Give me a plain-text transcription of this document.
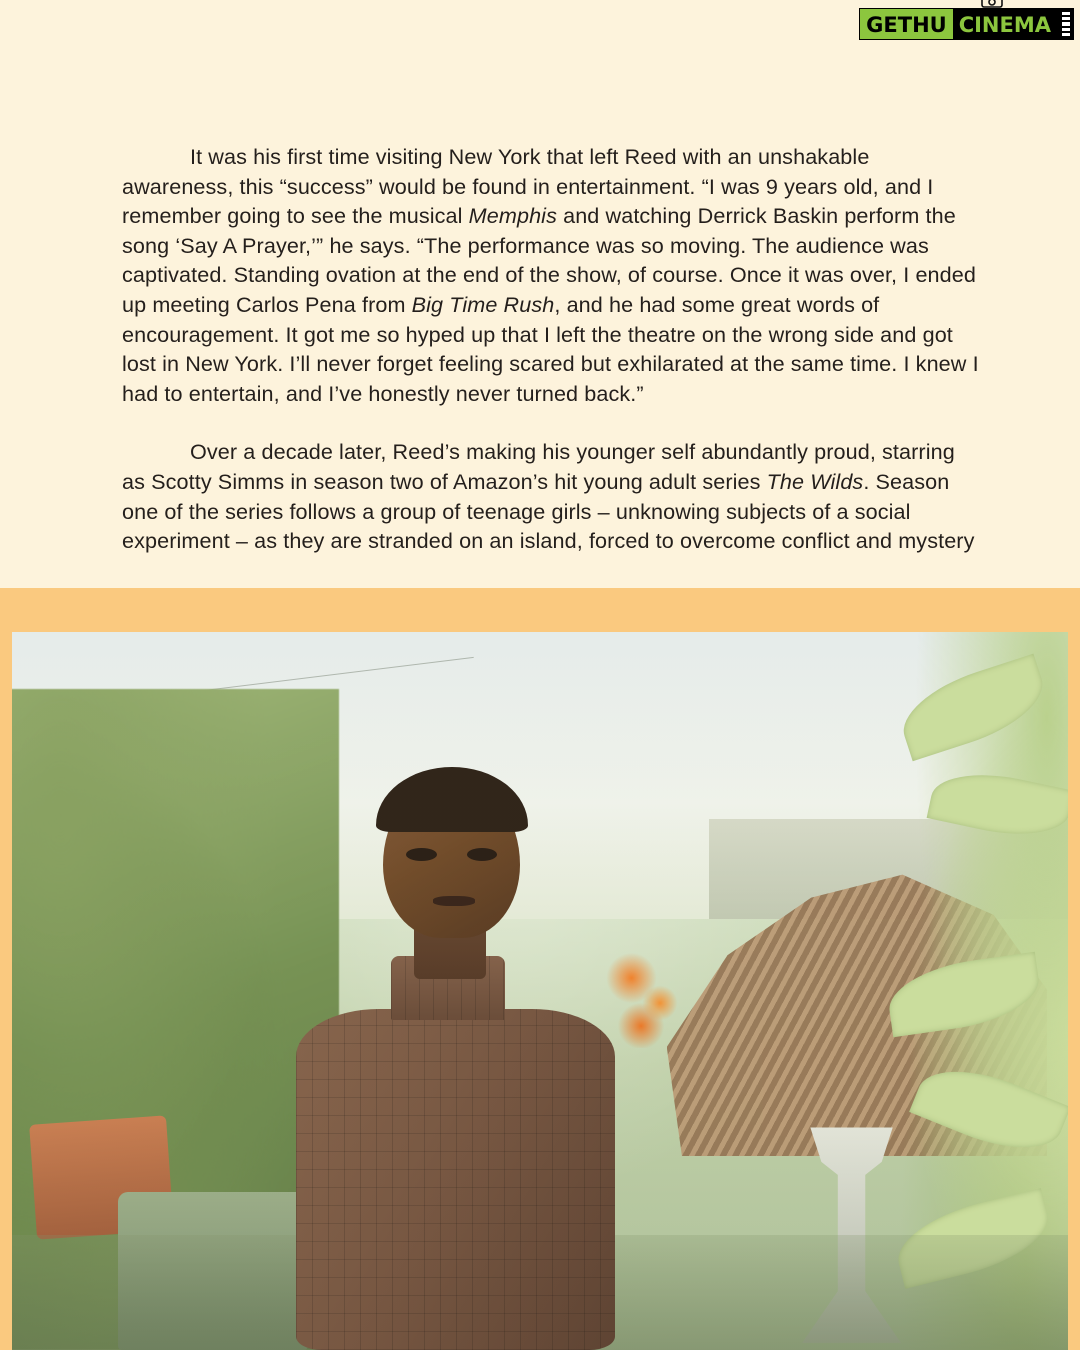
GETHU CINEMA

It was his first time visiting New York that left Reed with an unshakable awareness, this “success” would be found in entertainment. “I was 9 years old, and I remember going to see the musical Memphis and watching Derrick Baskin perform the song ‘Say A Prayer,’” he says. “The performance was so moving. The audience was captivated. Standing ovation at the end of the show, of course. Once it was over, I ended up meeting Carlos Pena from Big Time Rush, and he had some great words of encouragement. It got me so hyped up that I left the theatre on the wrong side and got lost in New York. I’ll never forget feeling scared but exhilarated at the same time. I knew I had to entertain, and I’ve honestly never turned back.”

Over a decade later, Reed’s making his younger self abundantly proud, starring as Scotty Simms in season two of Amazon’s hit young adult series The Wilds. Season one of the series follows a group of teenage girls – unknowing subjects of a social experiment – as they are stranded on an island, forced to overcome conflict and mystery
